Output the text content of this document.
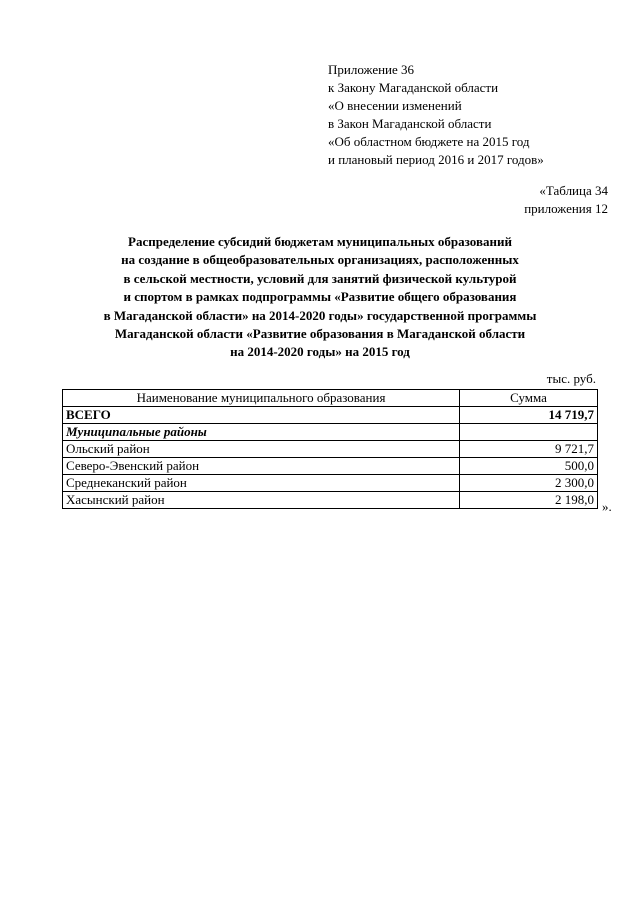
Приложение 36
к Закону Магаданской области
«О внесении изменений
в Закон Магаданской области
«Об областном бюджете на 2015 год
и плановый период 2016 и 2017 годов»
«Таблица 34
приложения 12
Распределение субсидий бюджетам муниципальных образований
на создание в общеобразовательных организациях, расположенных
в сельской местности, условий для занятий физической культурой
и спортом в рамках подпрограммы «Развитие общего образования
в Магаданской области» на 2014-2020 годы» государственной программы
Магаданской области «Развитие образования в Магаданской области
на 2014-2020 годы» на 2015 год
тыс. руб.
Наименование муниципального образования	Сумма
ВСЕГО	14 719,7
Муниципальные районы	
Ольский район	9 721,7
Северо-Эвенский район	500,0
Среднеканский район	2 300,0
Хасынский район	2 198,0 ».
